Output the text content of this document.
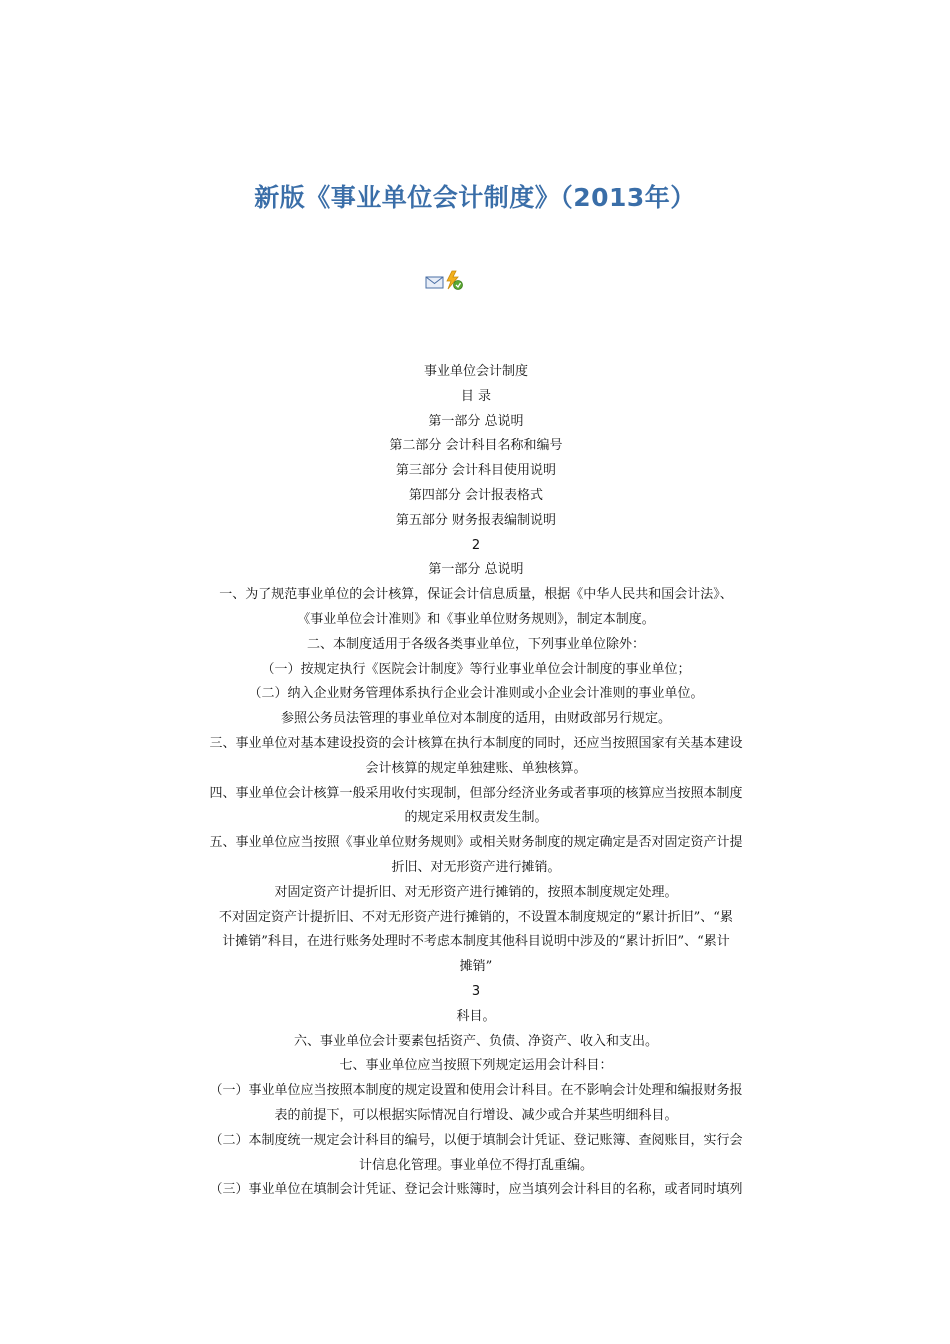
新版《事业单位会计制度》（2013年）

事业单位会计制度

目 录

第一部分 总说明

第二部分 会计科目名称和编号

第三部分 会计科目使用说明

第四部分 会计报表格式

第五部分 财务报表编制说明

2

第一部分 总说明

一、为了规范事业单位的会计核算，保证会计信息质量，根据《中华人民共和国会计法》、

《事业单位会计准则》和《事业单位财务规则》，制定本制度。

二、本制度适用于各级各类事业单位，下列事业单位除外：

（一）按规定执行《医院会计制度》等行业事业单位会计制度的事业单位；

（二）纳入企业财务管理体系执行企业会计准则或小企业会计准则的事业单位。

参照公务员法管理的事业单位对本制度的适用，由财政部另行规定。

三、事业单位对基本建设投资的会计核算在执行本制度的同时，还应当按照国家有关基本建设

会计核算的规定单独建账、单独核算。

四、事业单位会计核算一般采用收付实现制，但部分经济业务或者事项的核算应当按照本制度

的规定采用权责发生制。

五、事业单位应当按照《事业单位财务规则》或相关财务制度的规定确定是否对固定资产计提

折旧、对无形资产进行摊销。

对固定资产计提折旧、对无形资产进行摊销的，按照本制度规定处理。

不对固定资产计提折旧、不对无形资产进行摊销的，不设置本制度规定的“累计折旧”、“累

计摊销”科目，在进行账务处理时不考虑本制度其他科目说明中涉及的“累计折旧”、“累计

摊销”

3

科目。

六、事业单位会计要素包括资产、负债、净资产、收入和支出。

七、事业单位应当按照下列规定运用会计科目：

（一）事业单位应当按照本制度的规定设置和使用会计科目。在不影响会计处理和编报财务报

表的前提下，可以根据实际情况自行增设、减少或合并某些明细科目。

（二）本制度统一规定会计科目的编号，以便于填制会计凭证、登记账簿、查阅账目，实行会

计信息化管理。事业单位不得打乱重编。

（三）事业单位在填制会计凭证、登记会计账簿时，应当填列会计科目的名称，或者同时填列
